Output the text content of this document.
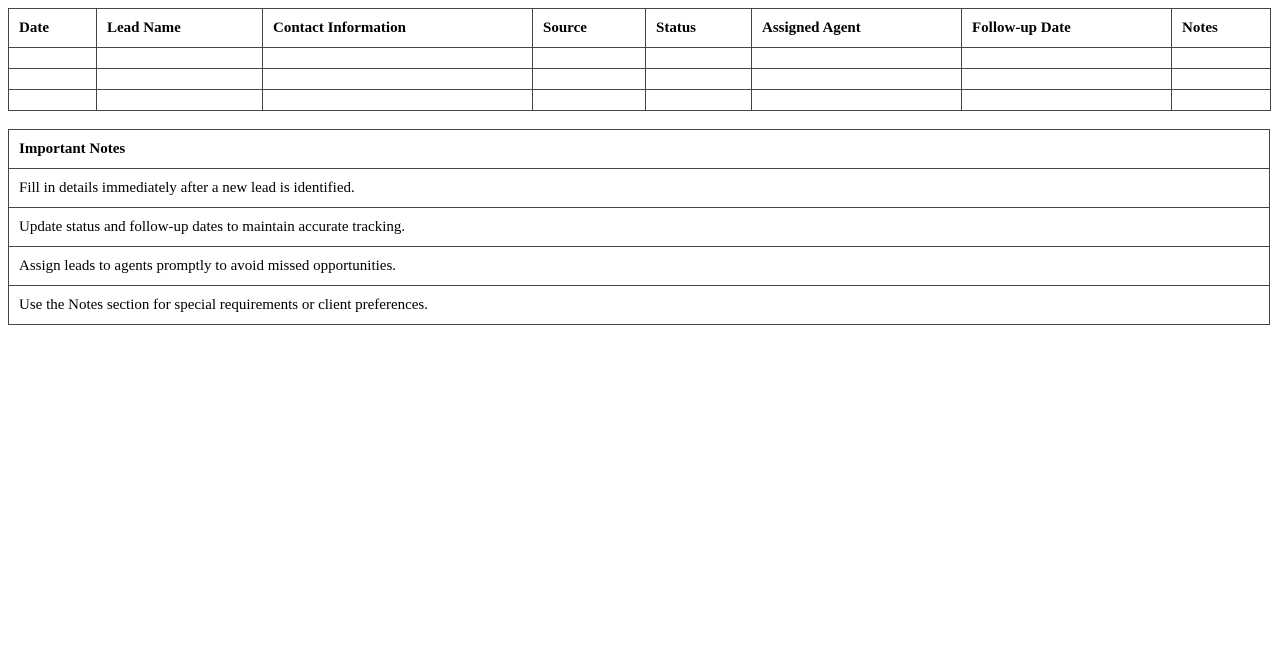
Date	Lead Name	Contact Information	Source	Status	Assigned Agent	Follow-up Date	Notes

Important Notes
Fill in details immediately after a new lead is identified.
Update status and follow-up dates to maintain accurate tracking.
Assign leads to agents promptly to avoid missed opportunities.
Use the Notes section for special requirements or client preferences.
